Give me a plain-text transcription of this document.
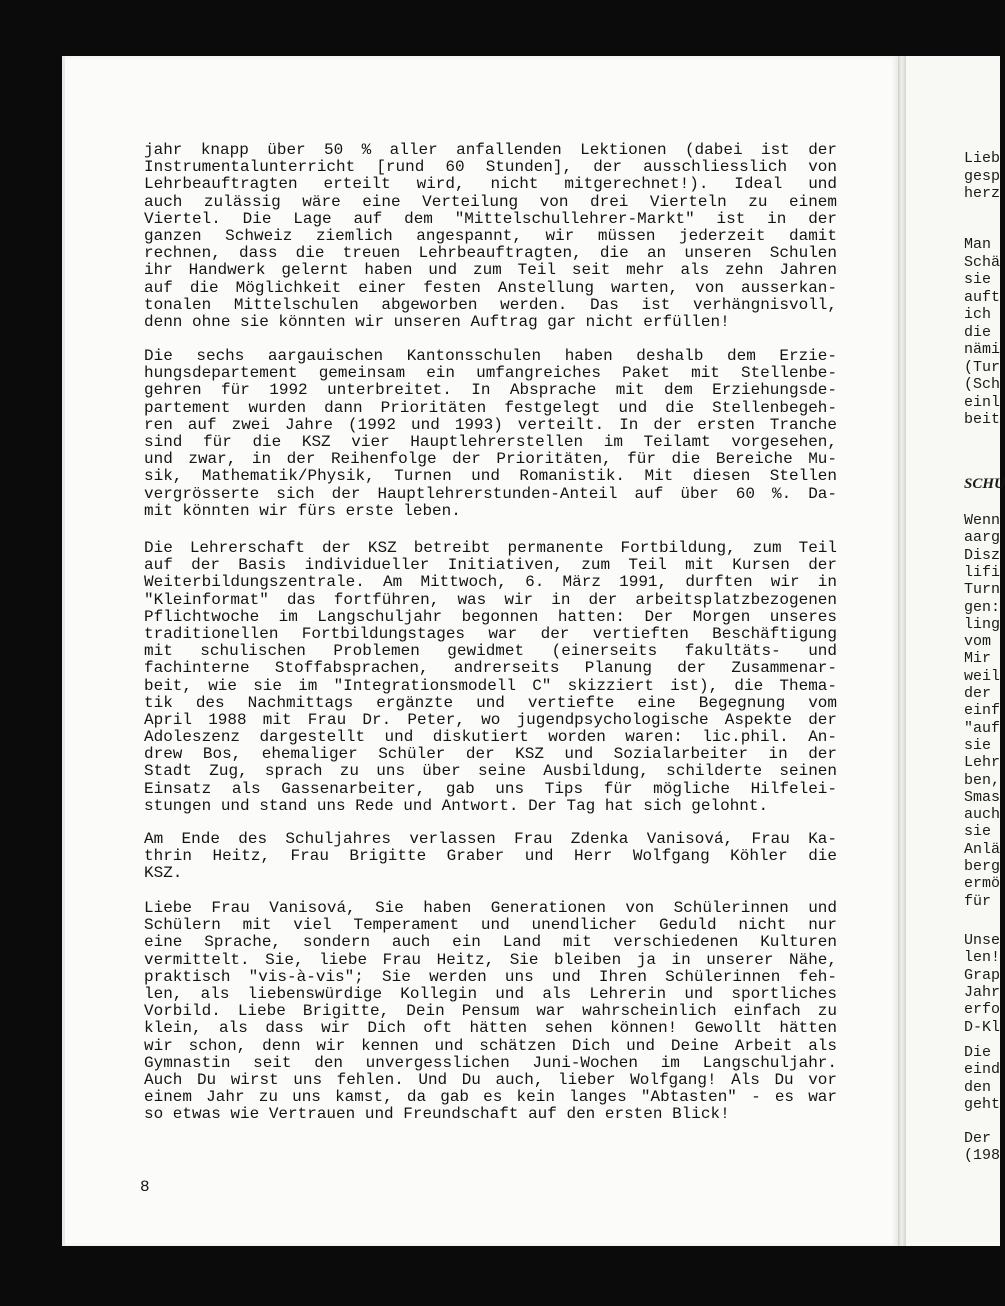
jahr knapp über 50 % aller anfallenden Lektionen (dabei ist der
Instrumentalunterricht [rund 60 Stunden], der ausschliesslich von
Lehrbeauftragten erteilt wird, nicht mitgerechnet!). Ideal und
auch zulässig wäre eine Verteilung von drei Vierteln zu einem
Viertel. Die Lage auf dem "Mittelschullehrer-Markt" ist in der
ganzen Schweiz ziemlich angespannt, wir müssen jederzeit damit
rechnen, dass die treuen Lehrbeauftragten, die an unseren Schulen
ihr Handwerk gelernt haben und zum Teil seit mehr als zehn Jahren
auf die Möglichkeit einer festen Anstellung warten, von ausserkan-
tonalen Mittelschulen abgeworben werden. Das ist verhängnisvoll,
denn ohne sie könnten wir unseren Auftrag gar nicht erfüllen!
Die sechs aargauischen Kantonsschulen haben deshalb dem Erzie-
hungsdepartement gemeinsam ein umfangreiches Paket mit Stellenbe-
gehren für 1992 unterbreitet. In Absprache mit dem Erziehungsde-
partement wurden dann Prioritäten festgelegt und die Stellenbegeh-
ren auf zwei Jahre (1992 und 1993) verteilt. In der ersten Tranche
sind für die KSZ vier Hauptlehrerstellen im Teilamt vorgesehen,
und zwar, in der Reihenfolge der Prioritäten, für die Bereiche Mu-
sik, Mathematik/Physik, Turnen und Romanistik. Mit diesen Stellen
vergrösserte sich der Hauptlehrerstunden-Anteil auf über 60 %. Da-
mit könnten wir fürs erste leben.
Die Lehrerschaft der KSZ betreibt permanente Fortbildung, zum Teil
auf der Basis individueller Initiativen, zum Teil mit Kursen der
Weiterbildungszentrale. Am Mittwoch, 6. März 1991, durften wir in
"Kleinformat" das fortführen, was wir in der arbeitsplatzbezogenen
Pflichtwoche im Langschuljahr begonnen hatten: Der Morgen unseres
traditionellen Fortbildungstages war der vertieften Beschäftigung
mit schulischen Problemen gewidmet (einerseits fakultäts- und
fachinterne Stoffabsprachen, andrerseits Planung der Zusammenar-
beit, wie sie im "Integrationsmodell C" skizziert ist), die Thema-
tik des Nachmittags ergänzte und vertiefte eine Begegnung vom
April 1988 mit Frau Dr. Peter, wo jugendpsychologische Aspekte der
Adoleszenz dargestellt und diskutiert worden waren: lic.phil. An-
drew Bos, ehemaliger Schüler der KSZ und Sozialarbeiter in der
Stadt Zug, sprach zu uns über seine Ausbildung, schilderte seinen
Einsatz als Gassenarbeiter, gab uns Tips für mögliche Hilfelei-
stungen und stand uns Rede und Antwort. Der Tag hat sich gelohnt.
Am Ende des Schuljahres verlassen Frau Zdenka Vanisová, Frau Ka-
thrin Heitz, Frau Brigitte Graber und Herr Wolfgang Köhler die
KSZ.
Liebe Frau Vanisová, Sie haben Generationen von Schülerinnen und
Schülern mit viel Temperament und unendlicher Geduld nicht nur
eine Sprache, sondern auch ein Land mit verschiedenen Kulturen
vermittelt. Sie, liebe Frau Heitz, Sie bleiben ja in unserer Nähe,
praktisch "vis-à-vis"; Sie werden uns und Ihren Schülerinnen feh-
len, als liebenswürdige Kollegin und als Lehrerin und sportliches
Vorbild. Liebe Brigitte, Dein Pensum war wahrscheinlich einfach zu
klein, als dass wir Dich oft hätten sehen können! Gewollt hätten
wir schon, denn wir kennen und schätzen Dich und Deine Arbeit als
Gymnastin seit den unvergesslichen Juni-Wochen im Langschuljahr.
Auch Du wirst uns fehlen. Und Du auch, lieber Wolfgang! Als Du vor
einem Jahr zu uns kamst, da gab es kein langes "Abtasten" - es war
so etwas wie Vertrauen und Freundschaft auf den ersten Blick!
8
Lieb
gesp
herz
Man
Schä
sie
auft
ich
die
nämi
(Tur
(Sch
einl
beit
Wenn
aarg
Disz
lifi
Turn
gen:
ling
vom
Mir
weil
der
einf
"auf
sie
Lehr
ben,
Smas
auch
sie
Anlä
berg
ermö
für
Unse
len!
Grap
Jahr
erfo
D-Kl
Die
eind
den
geht
Der
(198
SCHU
